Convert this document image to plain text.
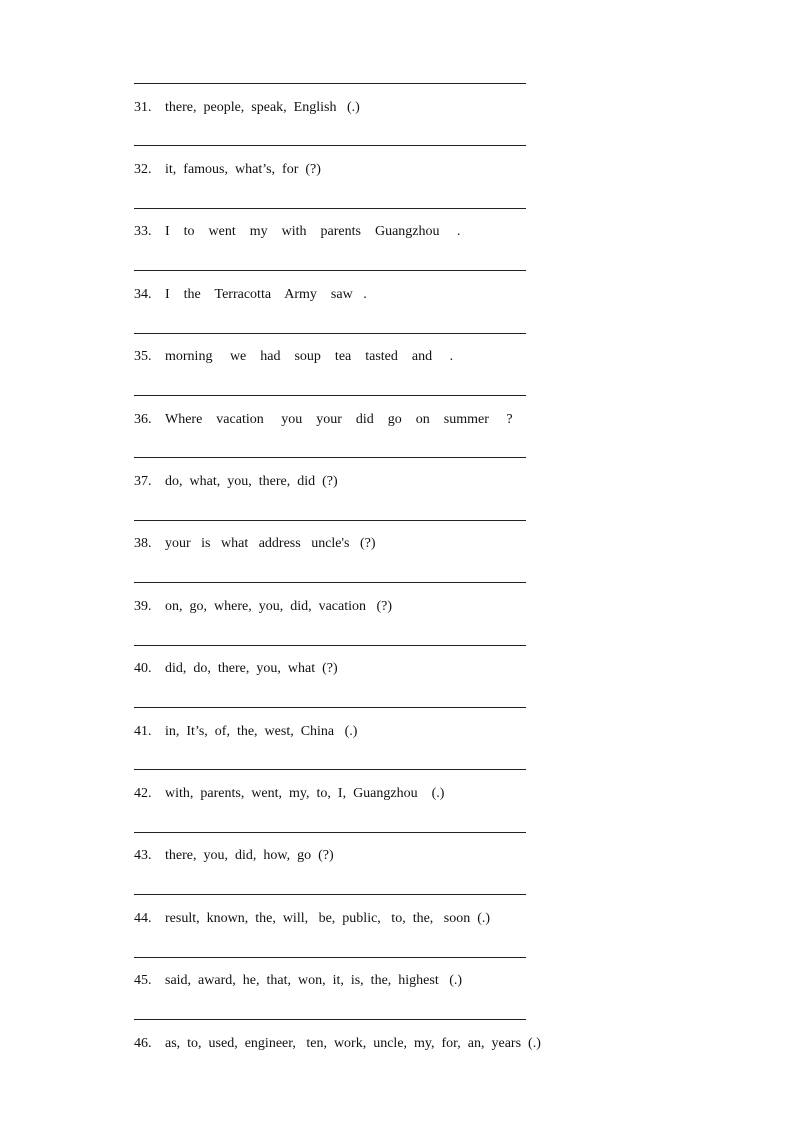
31. there,  people,  speak,  English   (.)
32. it,  famous,  what’s,  for  (?)
33. I    to    went    my    with    parents    Guangzhou     .
34. I    the    Terracotta    Army    saw   .
35. morning     we    had    soup    tea    tasted    and     .
36. Where    vacation     you    your    did    go    on    summer     ?
37. do,  what,  you,  there,  did  (?)
38. your   is   what   address   uncle's   (?)
39. on,  go,  where,  you,  did,  vacation   (?)
40. did,  do,  there,  you,  what  (?)
41. in,  It’s,  of,  the,  west,  China   (.)
42. with,  parents,  went,  my,  to,  I,  Guangzhou    (.)
43. there,  you,  did,  how,  go  (?)
44. result,  known,  the,  will,   be,  public,   to,  the,   soon  (.)
45. said,  award,  he,  that,  won,  it,  is,  the,  highest   (.)
46. as,  to,  used,  engineer,   ten,  work,  uncle,  my,  for,  an,  years  (.)
